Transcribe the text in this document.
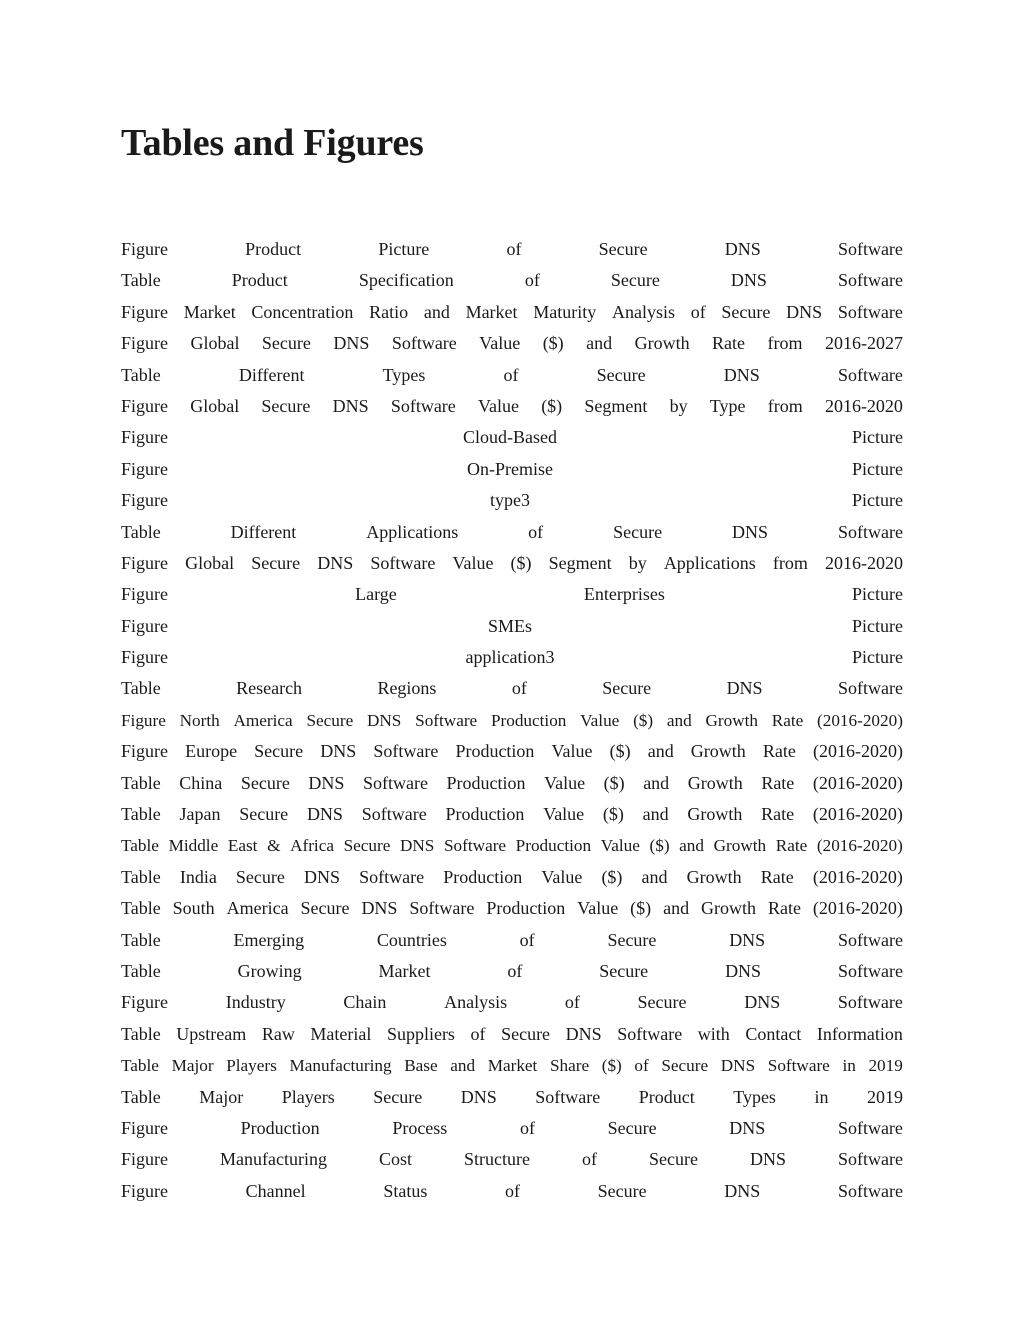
Tables and Figures
Figure	Product	Picture	of	Secure	DNS	Software
Table	Product	Specification	of	Secure	DNS	Software
Figure Market Concentration Ratio and Market Maturity Analysis of Secure DNS Software
Figure Global Secure DNS Software Value ($) and Growth Rate from 2016-2027
Table	Different	Types	of	Secure	DNS	Software
Figure Global Secure DNS Software Value ($) Segment by Type from 2016-2020
Figure	Cloud-Based	Picture
Figure	On-Premise	Picture
Figure	type3	Picture
Table	Different	Applications	of	Secure	DNS	Software
Figure Global Secure DNS Software Value ($) Segment by Applications from 2016-2020
Figure	Large	Enterprises	Picture
Figure	SMEs	Picture
Figure	application3	Picture
Table	Research	Regions	of	Secure	DNS	Software
Figure North America Secure DNS Software Production Value ($) and Growth Rate (2016-2020)
Figure Europe Secure DNS Software Production Value ($) and Growth Rate (2016-2020)
Table China Secure DNS Software Production Value ($) and Growth Rate (2016-2020)
Table Japan Secure DNS Software Production Value ($) and Growth Rate (2016-2020)
Table Middle East & Africa Secure DNS Software Production Value ($) and Growth Rate (2016-2020)
Table India Secure DNS Software Production Value ($) and Growth Rate (2016-2020)
Table South America Secure DNS Software Production Value ($) and Growth Rate (2016-2020)
Table	Emerging	Countries	of	Secure	DNS	Software
Table	Growing	Market	of	Secure	DNS	Software
Figure	Industry	Chain	Analysis	of	Secure	DNS	Software
Table Upstream Raw Material Suppliers of Secure DNS Software with Contact Information
Table Major Players Manufacturing Base and Market Share ($) of Secure DNS Software in 2019
Table Major Players Secure DNS Software Product Types in 2019
Figure	Production	Process	of	Secure	DNS	Software
Figure	Manufacturing	Cost	Structure	of	Secure	DNS	Software
Figure	Channel	Status	of	Secure	DNS	Software
